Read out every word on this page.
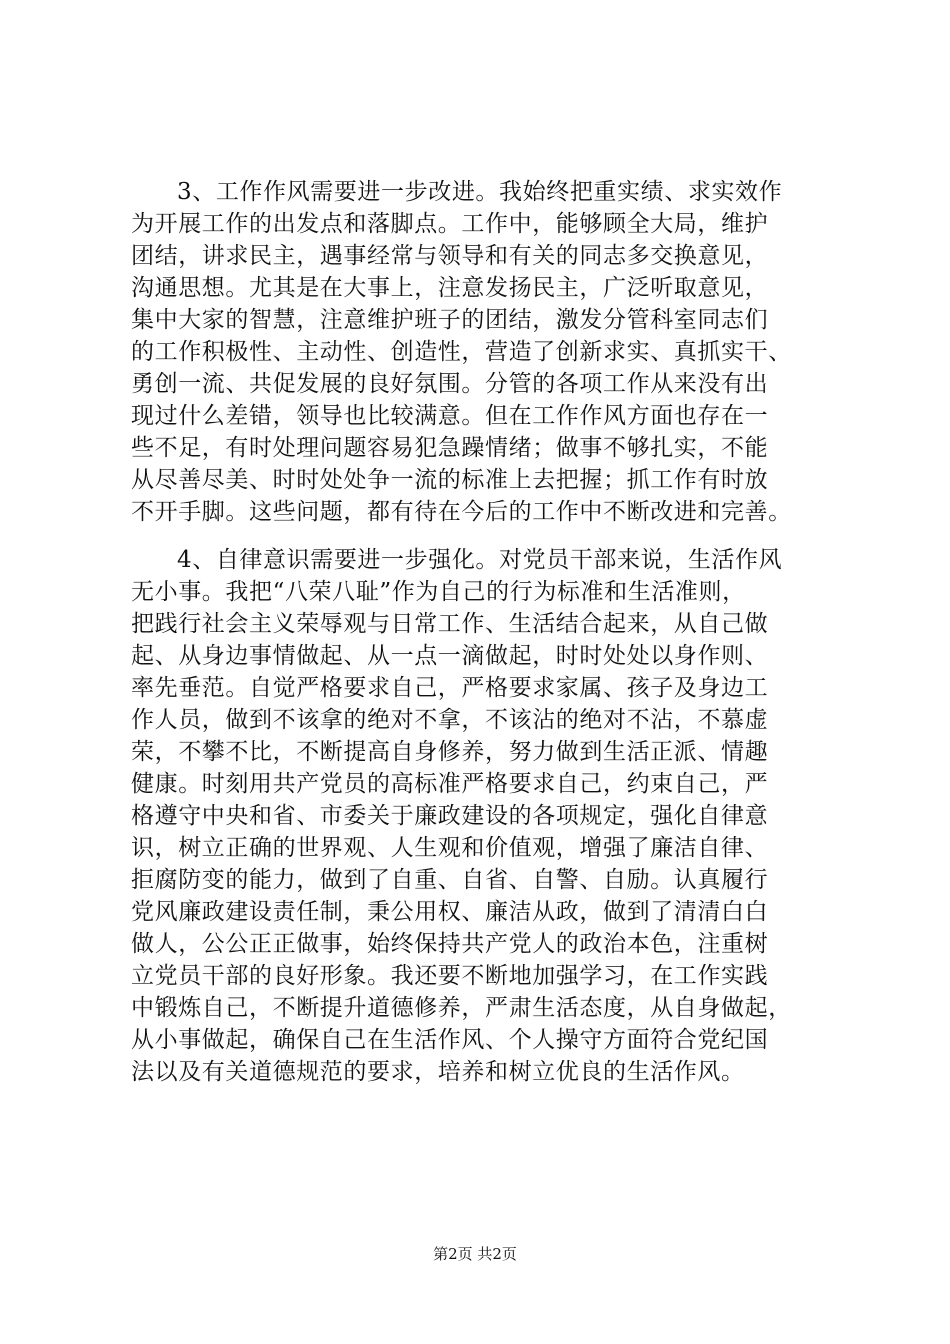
3、工作作风需要进一步改进。我始终把重实绩、求实效作
为开展工作的出发点和落脚点。工作中，能够顾全大局，维护
团结，讲求民主，遇事经常与领导和有关的同志多交换意见，
沟通思想。尤其是在大事上，注意发扬民主，广泛听取意见，
集中大家的智慧，注意维护班子的团结，激发分管科室同志们
的工作积极性、主动性、创造性，营造了创新求实、真抓实干、
勇创一流、共促发展的良好氛围。分管的各项工作从来没有出
现过什么差错，领导也比较满意。但在工作作风方面也存在一
些不足，有时处理问题容易犯急躁情绪；做事不够扎实，不能
从尽善尽美、时时处处争一流的标准上去把握；抓工作有时放
不开手脚。这些问题，都有待在今后的工作中不断改进和完善。
4、自律意识需要进一步强化。对党员干部来说，生活作风
无小事。我把“八荣八耻”作为自己的行为标准和生活准则，
把践行社会主义荣辱观与日常工作、生活结合起来，从自己做
起、从身边事情做起、从一点一滴做起，时时处处以身作则、
率先垂范。自觉严格要求自己，严格要求家属、孩子及身边工
作人员，做到不该拿的绝对不拿，不该沾的绝对不沾，不慕虚
荣，不攀不比，不断提高自身修养，努力做到生活正派、情趣
健康。时刻用共产党员的高标准严格要求自己，约束自己，严
格遵守中央和省、市委关于廉政建设的各项规定，强化自律意
识，树立正确的世界观、人生观和价值观，增强了廉洁自律、
拒腐防变的能力，做到了自重、自省、自警、自励。认真履行
党风廉政建设责任制，秉公用权、廉洁从政，做到了清清白白
做人，公公正正做事，始终保持共产党人的政治本色，注重树
立党员干部的良好形象。我还要不断地加强学习，在工作实践
中锻炼自己，不断提升道德修养，严肃生活态度，从自身做起，
从小事做起，确保自己在生活作风、个人操守方面符合党纪国
法以及有关道德规范的要求，培养和树立优良的生活作风。
第2页 共2页
